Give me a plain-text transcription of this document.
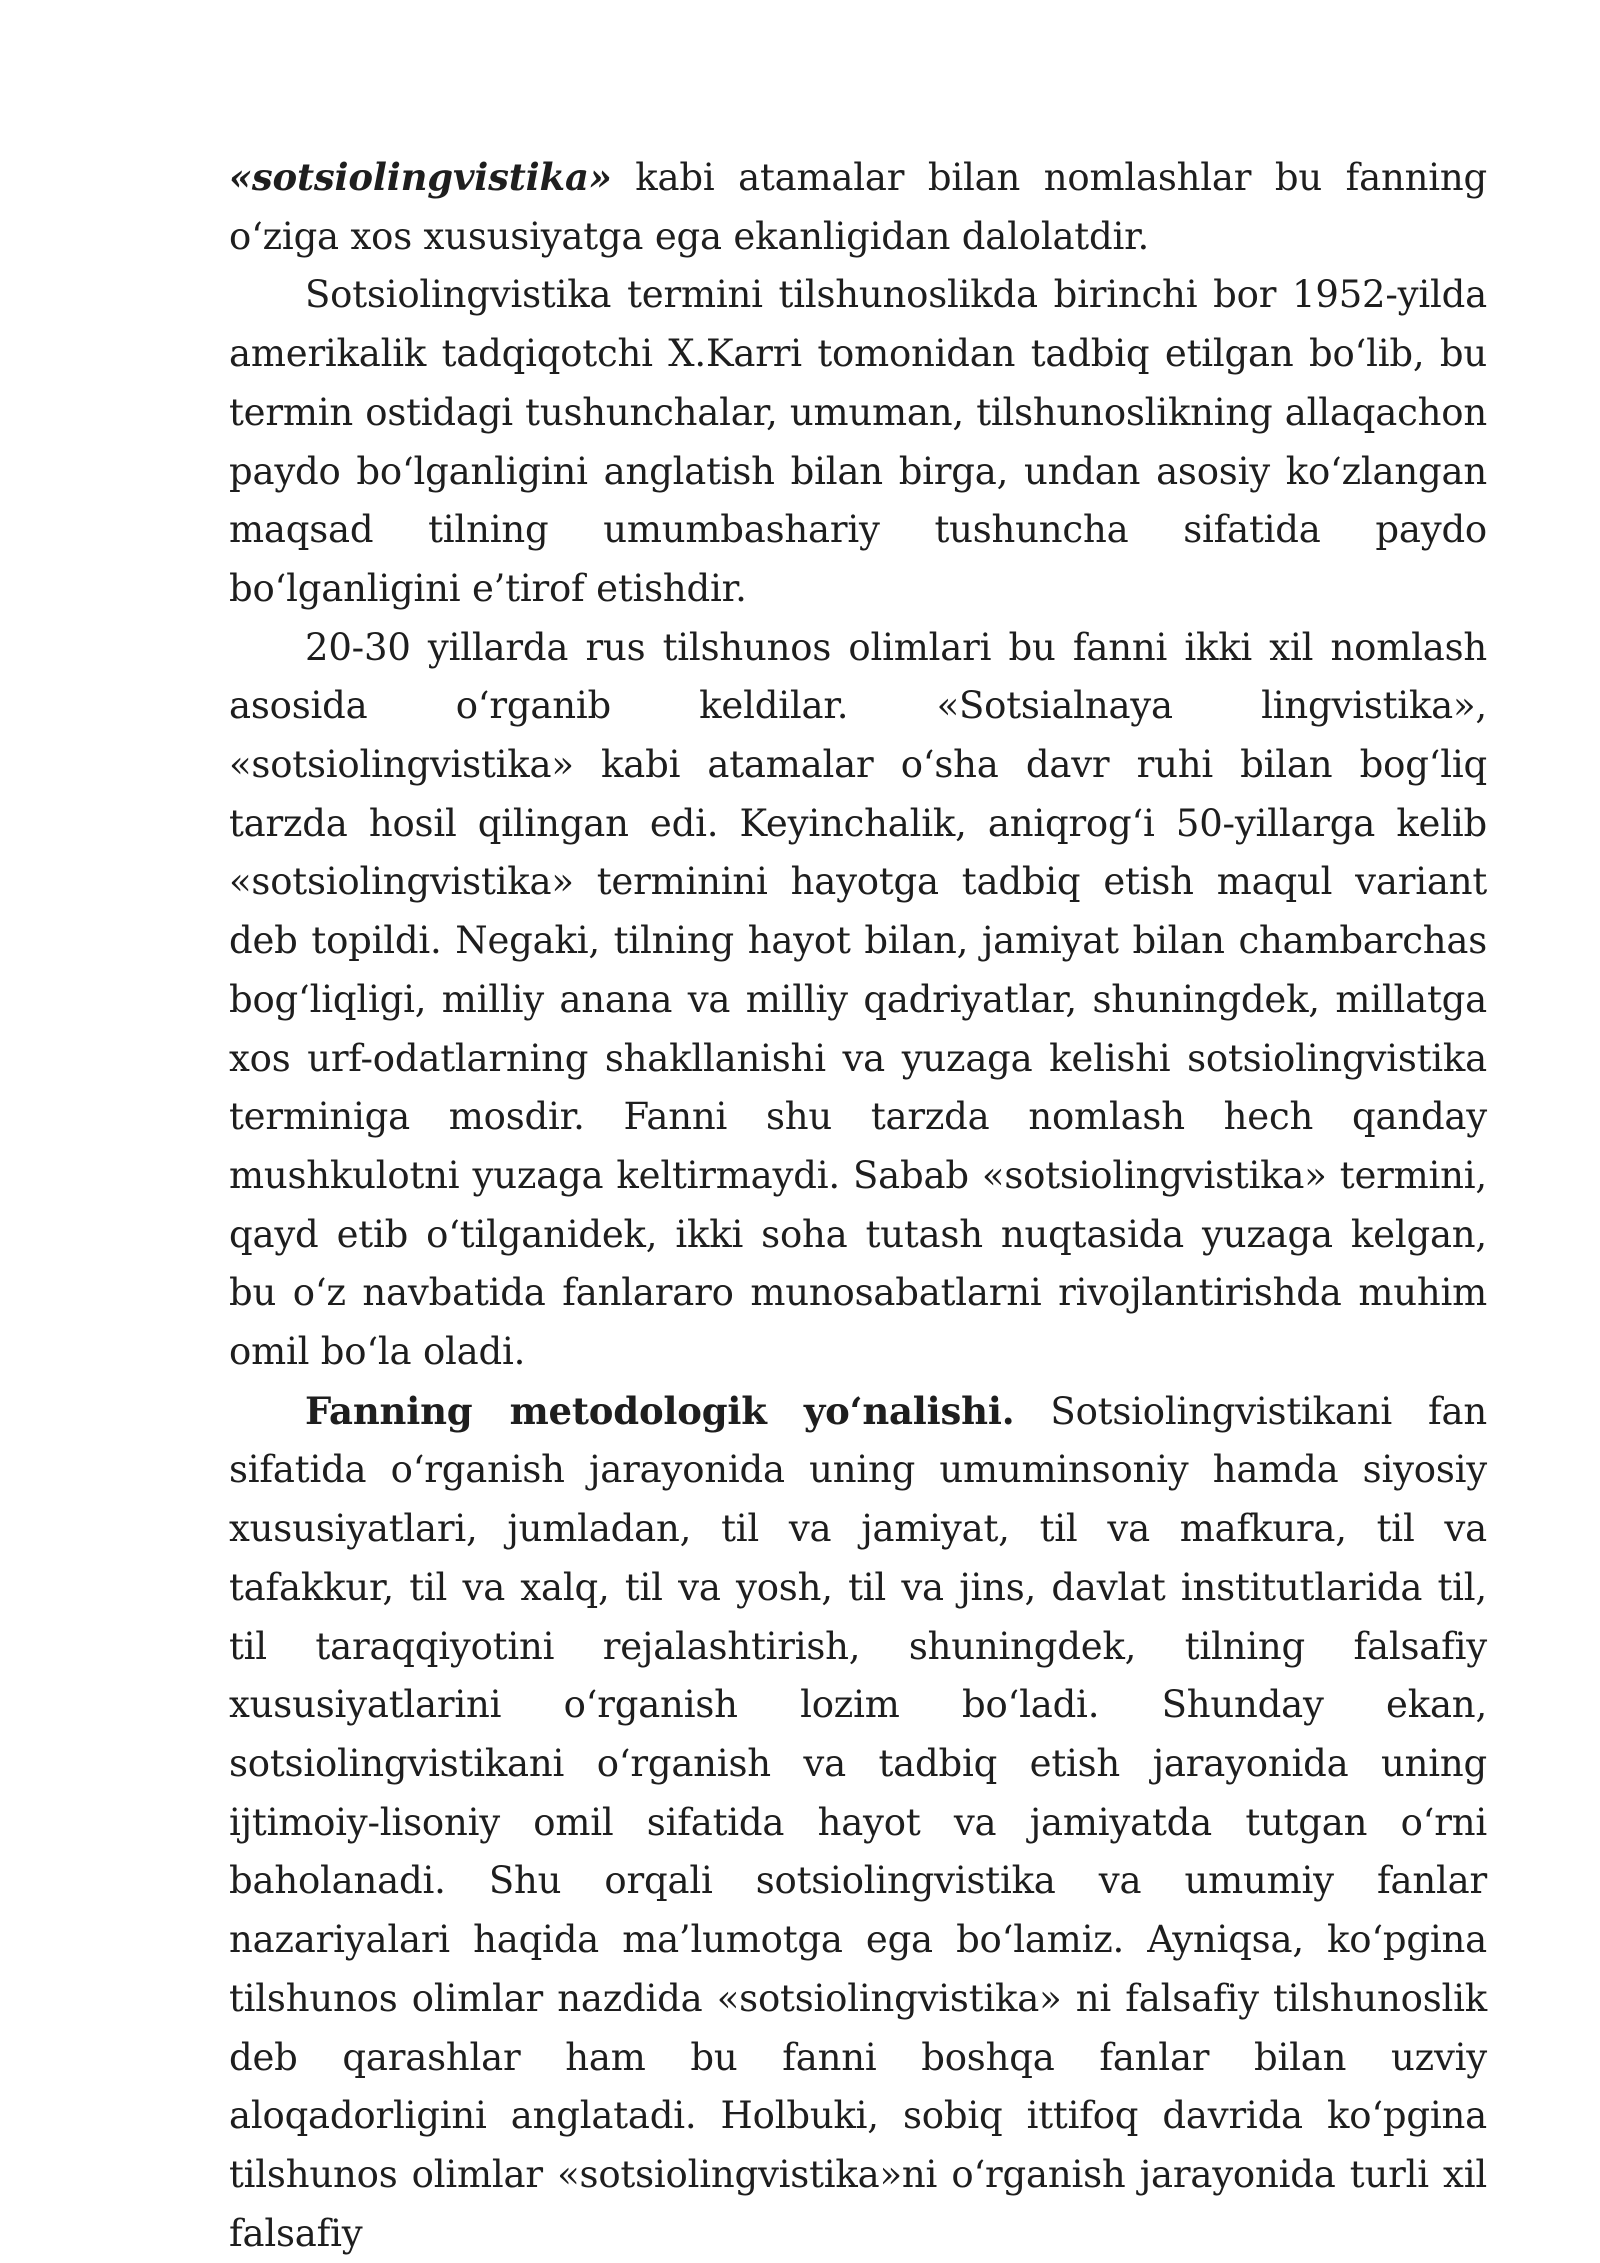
«sotsiolingvistika» kabi atamalar bilan nomlashlar bu fanning o‘ziga xos xususiyatga ega ekanligidan dalolatdir.

Sotsiolingvistika termini tilshunoslikda birinchi bor 1952-yilda amerikalik tadqiqotchi X.Karri tomonidan tadbiq etilgan bo‘lib, bu termin ostidagi tushunchalar, umuman, tilshunoslikning allaqachon paydo bo‘lganligini anglatish bilan birga, undan asosiy ko‘zlangan maqsad tilning umumbashariy tushuncha sifatida paydo bo‘lganligini e’tirof etishdir.

20-30 yillarda rus tilshunos olimlari bu fanni ikki xil nomlash asosida o‘rganib keldilar. «Sotsialnaya lingvistika», «sotsiolingvistika» kabi atamalar o‘sha davr ruhi bilan bog‘liq tarzda hosil qilingan edi. Keyinchalik, aniqrog‘i 50-yillarga kelib «sotsiolingvistika» terminini hayotga tadbiq etish maqul variant deb topildi. Negaki, tilning hayot bilan, jamiyat bilan chambarchas bog‘liqligi, milliy anana va milliy qadriyatlar, shuningdek, millatga xos urf-odatlarning shakllanishi va yuzaga kelishi sotsiolingvistika terminiga mosdir. Fanni shu tarzda nomlash hech qanday mushkulotni yuzaga keltirmaydi. Sabab «sotsiolingvistika» termini, qayd etib o‘tilganidek, ikki soha tutash nuqtasida yuzaga kelgan, bu o‘z navbatida fanlararo munosabatlarni rivojlantirishda muhim omil bo‘la oladi.

Fanning metodologik yo‘nalishi. Sotsiolingvistikani fan sifatida o‘rganish jarayonida uning umuminsoniy hamda siyosiy xususiyatlari, jumladan, til va jamiyat, til va mafkura, til va tafakkur, til va xalq, til va yosh, til va jins, davlat institutlarida til, til taraqqiyotini rejalashtirish, shuningdek, tilning falsafiy xususiyatlarini o‘rganish lozim bo‘ladi. Shunday ekan, sotsiolingvistikani o‘rganish va tadbiq etish jarayonida uning ijtimoiy-lisoniy omil sifatida hayot va jamiyatda tutgan o‘rni baholanadi. Shu orqali sotsiolingvistika va umumiy fanlar nazariyalari haqida ma’lumotga ega bo‘lamiz. Ayniqsa, ko‘pgina tilshunos olimlar nazdida «sotsiolingvistika» ni falsafiy tilshunoslik deb qarashlar ham bu fanni boshqa fanlar bilan uzviy aloqadorligini anglatadi. Holbuki, sobiq ittifoq davrida ko‘pgina tilshunos olimlar «sotsiolingvistika»ni o‘rganish jarayonida turli xil falsafiy
